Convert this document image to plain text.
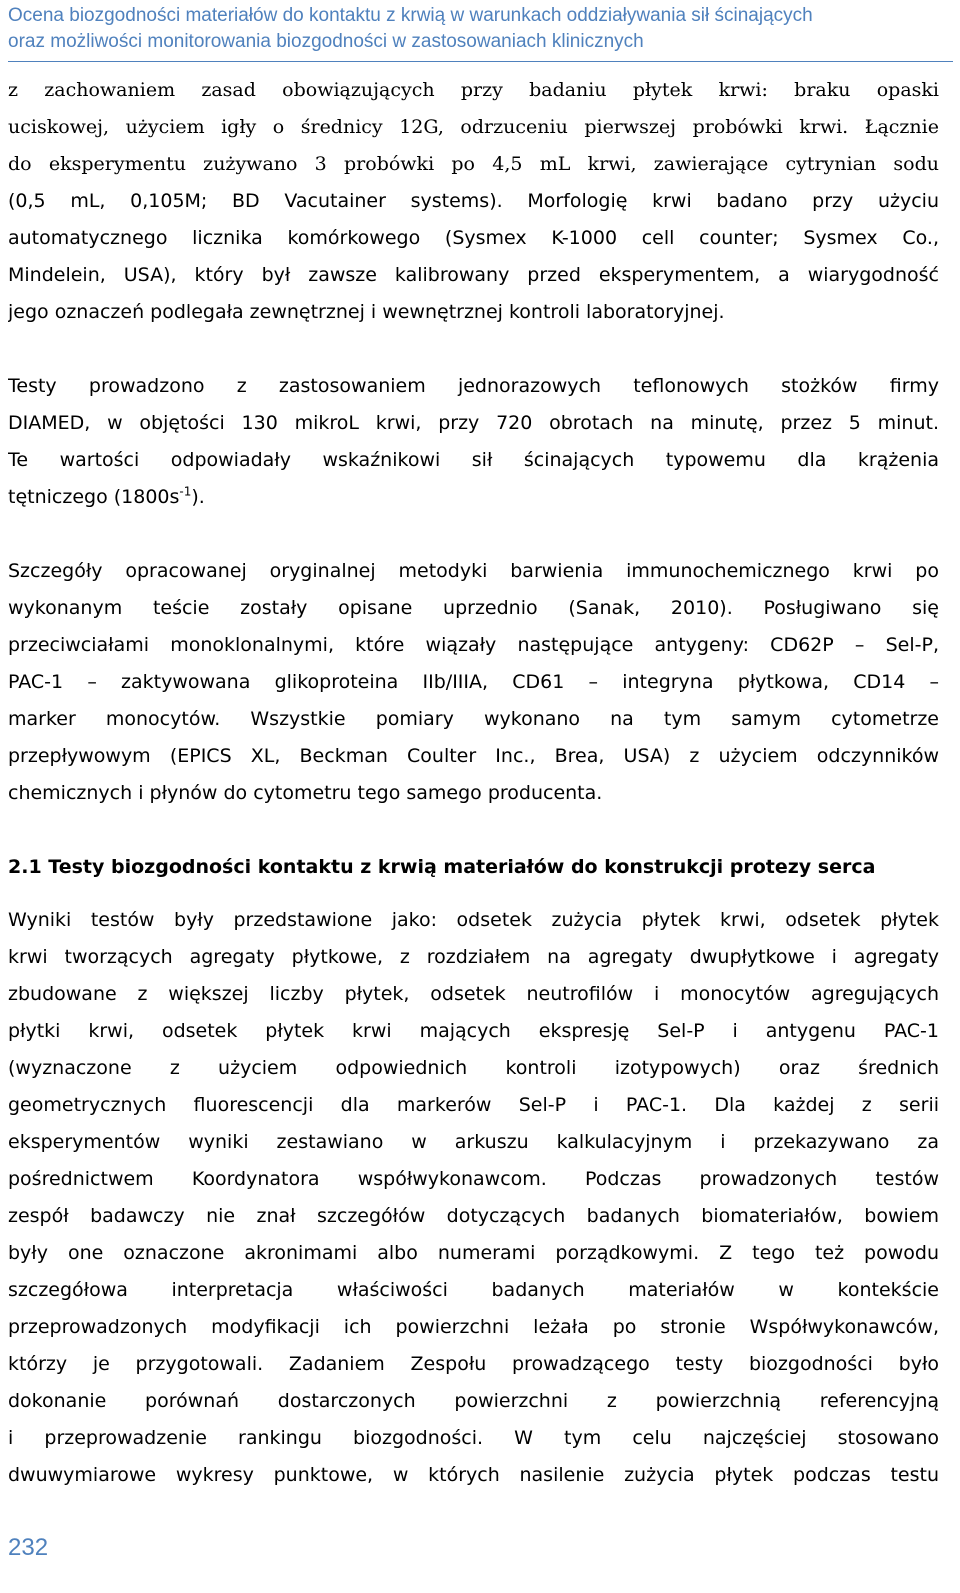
Ocena biozgodności materiałów do kontaktu z krwią w warunkach oddziaływania sił ścinających
oraz możliwości monitorowania biozgodności w zastosowaniach klinicznych
z zachowaniem zasad obowiązujących przy badaniu płytek krwi: braku opaski
uciskowej, użyciem igły o średnicy 12G, odrzuceniu pierwszej probówki krwi. Łącznie
do eksperymentu zużywano 3 probówki po 4,5 mL krwi, zawierające cytrynian sodu
(0,5 mL, 0,105M; BD Vacutainer systems). Morfologię krwi badano przy użyciu
automatycznego licznika komórkowego (Sysmex K-1000 cell counter; Sysmex Co.,
Mindelein, USA), który był zawsze kalibrowany przed eksperymentem, a wiarygodność
jego oznaczeń podlegała zewnętrznej i wewnętrznej kontroli laboratoryjnej.
Testy prowadzono z zastosowaniem jednorazowych teflonowych stożków firmy
DIAMED, w objętości 130 mikroL krwi, przy 720 obrotach na minutę, przez 5 minut.
Te wartości odpowiadały wskaźnikowi sił ścinających typowemu dla krążenia
tętniczego $(1800s^{-1})$.
Szczegóły opracowanej oryginalnej metodyki barwienia immunochemicznego krwi po
wykonanym teście zostały opisane uprzednio (Sanak, 2010). Posługiwano się
przeciwciałami monoklonalnymi, które wiązały następujące antygeny: CD62P – Sel-P,
PAC-1 – zaktywowana glikoproteina IIb/IIIA, CD61 – integryna płytkowa, CD14 –
marker monocytów. Wszystkie pomiary wykonano na tym samym cytometrze
przepływowym (EPICS XL, Beckman Coulter Inc., Brea, USA) z użyciem odczynników
chemicznych i płynów do cytometru tego samego producenta.
2.1 Testy biozgodności kontaktu z krwią materiałów do konstrukcji protezy serca
Wyniki testów były przedstawione jako: odsetek zużycia płytek krwi, odsetek płytek
krwi tworzących agregaty płytkowe, z rozdziałem na agregaty dwupłytkowe i agregaty
zbudowane z większej liczby płytek, odsetek neutrofilów i monocytów agregujących
płytki krwi, odsetek płytek krwi mających ekspresję Sel-P i antygenu PAC-1
(wyznaczone z użyciem odpowiednich kontroli izotypowych) oraz średnich
geometrycznych fluorescencji dla markerów Sel-P i PAC-1. Dla każdej z serii
eksperymentów wyniki zestawiano w arkuszu kalkulacyjnym i przekazywano za
pośrednictwem Koordynatora współwykonawcom. Podczas prowadzonych testów
zespół badawczy nie znał szczegółów dotyczących badanych biomateriałów, bowiem
były one oznaczone akronimami albo numerami porządkowymi. Z tego też powodu
szczegółowa interpretacja właściwości badanych materiałów w kontekście
przeprowadzonych modyfikacji ich powierzchni leżała po stronie Współwykonawców,
którzy je przygotowali. Zadaniem Zespołu prowadzącego testy biozgodności było
dokonanie porównań dostarczonych powierzchni z powierzchnią referencyjną
i przeprowadzenie rankingu biozgodności. W tym celu najczęściej stosowano
dwuwymiarowe wykresy punktowe, w których nasilenie zużycia płytek podczas testu
232
